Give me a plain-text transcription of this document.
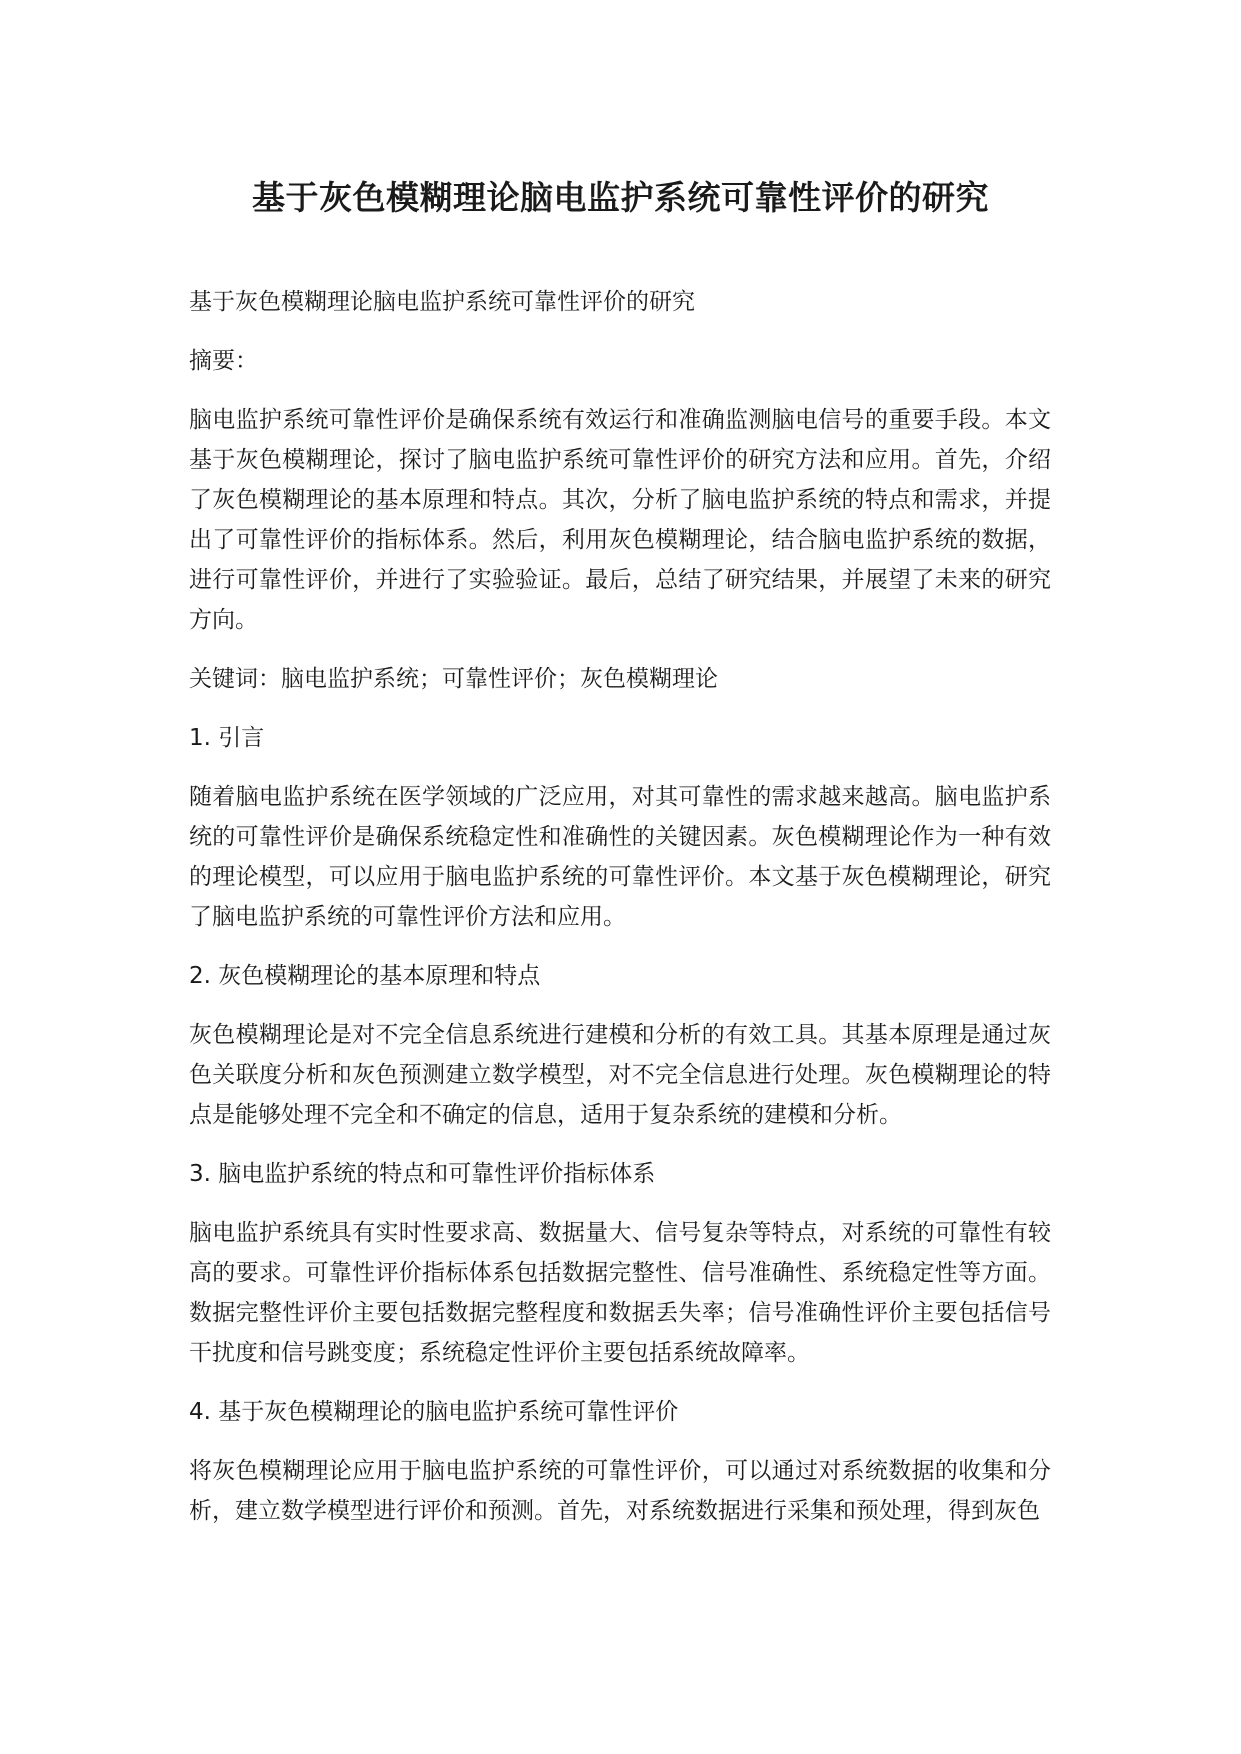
基于灰色模糊理论脑电监护系统可靠性评价的研究

基于灰色模糊理论脑电监护系统可靠性评价的研究

摘要：

脑电监护系统可靠性评价是确保系统有效运行和准确监测脑电信号的重要手段。本文基于灰色模糊理论，探讨了脑电监护系统可靠性评价的研究方法和应用。首先，介绍了灰色模糊理论的基本原理和特点。其次，分析了脑电监护系统的特点和需求，并提出了可靠性评价的指标体系。然后，利用灰色模糊理论，结合脑电监护系统的数据，进行可靠性评价，并进行了实验验证。最后，总结了研究结果，并展望了未来的研究方向。

关键词：脑电监护系统；可靠性评价；灰色模糊理论

1. 引言

随着脑电监护系统在医学领域的广泛应用，对其可靠性的需求越来越高。脑电监护系统的可靠性评价是确保系统稳定性和准确性的关键因素。灰色模糊理论作为一种有效的理论模型，可以应用于脑电监护系统的可靠性评价。本文基于灰色模糊理论，研究了脑电监护系统的可靠性评价方法和应用。

2. 灰色模糊理论的基本原理和特点

灰色模糊理论是对不完全信息系统进行建模和分析的有效工具。其基本原理是通过灰色关联度分析和灰色预测建立数学模型，对不完全信息进行处理。灰色模糊理论的特点是能够处理不完全和不确定的信息，适用于复杂系统的建模和分析。

3. 脑电监护系统的特点和可靠性评价指标体系

脑电监护系统具有实时性要求高、数据量大、信号复杂等特点，对系统的可靠性有较高的要求。可靠性评价指标体系包括数据完整性、信号准确性、系统稳定性等方面。数据完整性评价主要包括数据完整程度和数据丢失率；信号准确性评价主要包括信号干扰度和信号跳变度；系统稳定性评价主要包括系统故障率。

4. 基于灰色模糊理论的脑电监护系统可靠性评价

将灰色模糊理论应用于脑电监护系统的可靠性评价，可以通过对系统数据的收集和分析，建立数学模型进行评价和预测。首先，对系统数据进行采集和预处理，得到灰色
